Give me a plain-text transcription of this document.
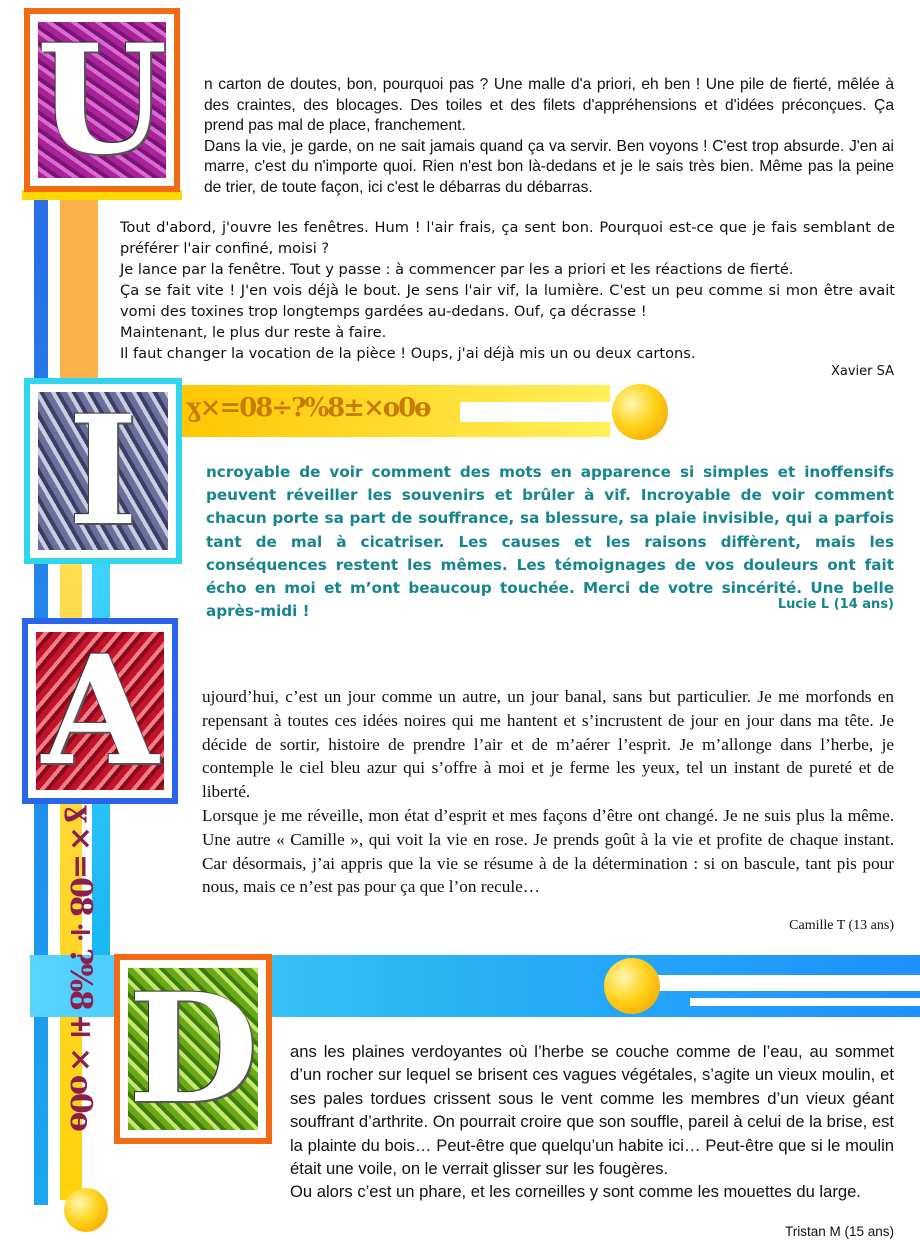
ɣ×=08÷?%8±×o0ɵ
ɣ×=08÷?%8±×o0ɵ
U n carton de doutes, bon, pourquoi pas ? Une malle d'a priori, eh ben ! Une pile de fierté, mêlée à des craintes, des blocages. Des toiles et des filets d'appréhensions et d'idées préconçues. Ça prend pas mal de place, franchement.

Dans la vie, je garde, on ne sait jamais quand ça va servir. Ben voyons ! C'est trop absurde. J'en ai marre, c'est du n'importe quoi. Rien n'est bon là-dedans et je le sais très bien. Même pas la peine de trier, de toute façon, ici c'est le débarras du débarras.

Tout d'abord, j'ouvre les fenêtres. Hum ! l'air frais, ça sent bon. Pourquoi est-ce que je fais semblant de préférer l'air confiné, moisi ?

Je lance par la fenêtre. Tout y passe : à commencer par les a priori et les réactions de fierté.

Ça se fait vite ! J'en vois déjà le bout. Je sens l'air vif, la lumière. C'est un peu comme si mon être avait vomi des toxines trop longtemps gardées au-dedans. Ouf, ça décrasse !

Maintenant, le plus dur reste à faire.

Il faut changer la vocation de la pièce ! Oups, j'ai déjà mis un ou deux cartons.

Xavier SA
I	ncroyable de voir comment des mots en apparence si simples et inoffensifs peuvent réveiller les souvenirs et brûler à vif. Incroyable de voir comment chacun porte sa part de souffrance, sa blessure, sa plaie invisible, qui a parfois tant de mal à cicatriser. Les causes et les raisons diffèrent, mais les conséquences restent les mêmes. Les témoignages de vos douleurs ont fait écho en moi et m’ont beaucoup touchée. Merci de votre sincérité. Une belle après-midi !	Lucie L (14 ans)
A	ujourd’hui, c’est un jour comme un autre, un jour banal, sans but particulier. Je me morfonds en repensant à toutes ces idées noires qui me hantent et s’incrustent de jour en jour dans ma tête. Je décide de sortir, histoire de prendre l’air et de m’aérer l’esprit. Je m’allonge dans l’herbe, je contemple le ciel bleu azur qui s’offre à moi et je ferme les yeux, tel un instant de pureté et de liberté.

Lorsque je me réveille, mon état d’esprit et mes façons d’être ont changé. Je ne suis plus la même. Une autre « Camille », qui voit la vie en rose. Je prends goût à la vie et profite de chaque instant. Car désormais, j’ai appris que la vie se résume à de la détermination : si on bascule, tant pis pour nous, mais ce n’est pas pour ça que l’on recule…

Camille T (13 ans)
D ans les plaines verdoyantes où l’herbe se couche comme de l’eau, au sommet d’un rocher sur lequel se brisent ces vagues végétales, s’agite un vieux moulin, et ses pales tordues crissent sous le vent comme les membres d’un vieux géant souffrant d’arthrite. On pourrait croire que son souffle, pareil à celui de la brise, est la plainte du bois… Peut-être que quelqu’un habite ici… Peut-être que si le moulin était une voile, on le verrait glisser sur les fougères.

Ou alors c’est un phare, et les corneilles y sont comme les mouettes du large.

Tristan M (15 ans)
